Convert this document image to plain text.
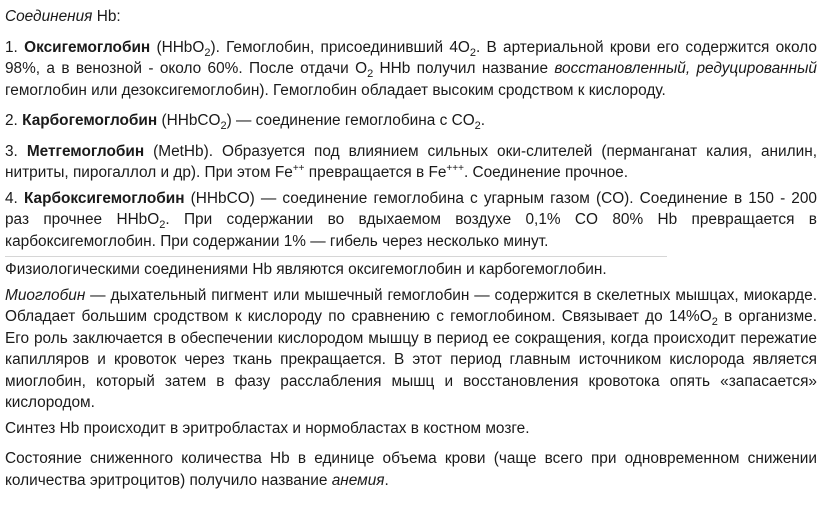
Соединения Hb:

1. Оксигемоглобин (HHbO$_2$). Гемоглобин, присоединивший $4O_2$. В артериальной крови его содержится около 98%, а в венозной - около 60%. После отдачи $O_2$ HHb получил название восстановленный, редуцированный гемоглобин или дезоксигемоглобин). Гемоглобин обладает высоким сродством к кислороду.

2. Карбогемоглобин (HHbCO$_2$) — соединение гемоглобина с $CO_2$.

3. Метгемоглобин (MetHb). Образуется под влиянием сильных оки-слителей (перманганат калия, анилин, нитриты, пирогаллол и др). При этом Fe++ превращается в Fe+++. Соединение прочное.

4. Карбоксигемоглобин (HHbCO) — соединение гемоглобина с угарным газом (CO). Соединение в 150 - 200 раз прочнее HHbO$_2$. При содержании во вдыхаемом воздухе 0,1% CO 80% Hb превращается в карбоксигемоглобин. При содержании 1% — гибель через несколько минут.

Физиологическими соединениями Hb являются оксигемоглобин и карбогемоглобин.

Миоглобин — дыхательный пигмент или мышечный гемоглобин — содержится в скелетных мышцах, миокарде. Обладает большим сродством к кислороду по сравнению с гемоглобином. Связывает до $14\%O_2$ в организме. Его роль заключается в обеспечении кислородом мышцу в период ее сокращения, когда происходит пережатие капилляров и кровоток через ткань прекращается. В этот период главным источником кислорода является миоглобин, который затем в фазу расслабления мышц и восстановления кровотока опять «запасается» кислородом.

Синтез Hb происходит в эритробластах и нормобластах в костном мозге.

Состояние сниженного количества Hb в единице объема крови (чаще всего при одновременном снижении количества эритроцитов) получило название анемия.
